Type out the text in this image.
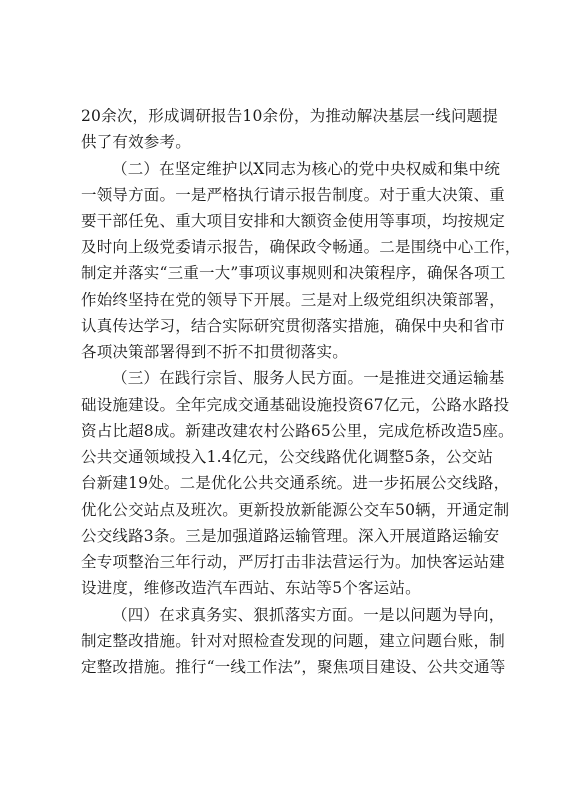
20余次，形成调研报告10余份，为推动解决基层一线问题提
供了有效参考。
（二）在坚定维护以X同志为核心的党中央权威和集中统
一领导方面。一是严格执行请示报告制度。对于重大决策、重
要干部任免、重大项目安排和大额资金使用等事项，均按规定
及时向上级党委请示报告，确保政令畅通。二是围绕中心工作，
制定并落实“三重一大”事项议事规则和决策程序，确保各项工
作始终坚持在党的领导下开展。三是对上级党组织决策部署，
认真传达学习，结合实际研究贯彻落实措施，确保中央和省市
各项决策部署得到不折不扣贯彻落实。
（三）在践行宗旨、服务人民方面。一是推进交通运输基
础设施建设。全年完成交通基础设施投资67亿元，公路水路投
资占比超8成。新建改建农村公路65公里，完成危桥改造5座。
公共交通领域投入1.4亿元，公交线路优化调整5条，公交站
台新建19处。二是优化公共交通系统。进一步拓展公交线路，
优化公交站点及班次。更新投放新能源公交车50辆，开通定制
公交线路3条。三是加强道路运输管理。深入开展道路运输安
全专项整治三年行动，严厉打击非法营运行为。加快客运站建
设进度，维修改造汽车西站、东站等5个客运站。
（四）在求真务实、狠抓落实方面。一是以问题为导向，
制定整改措施。针对对照检查发现的问题，建立问题台账，制
定整改措施。推行“一线工作法”，聚焦项目建设、公共交通等
